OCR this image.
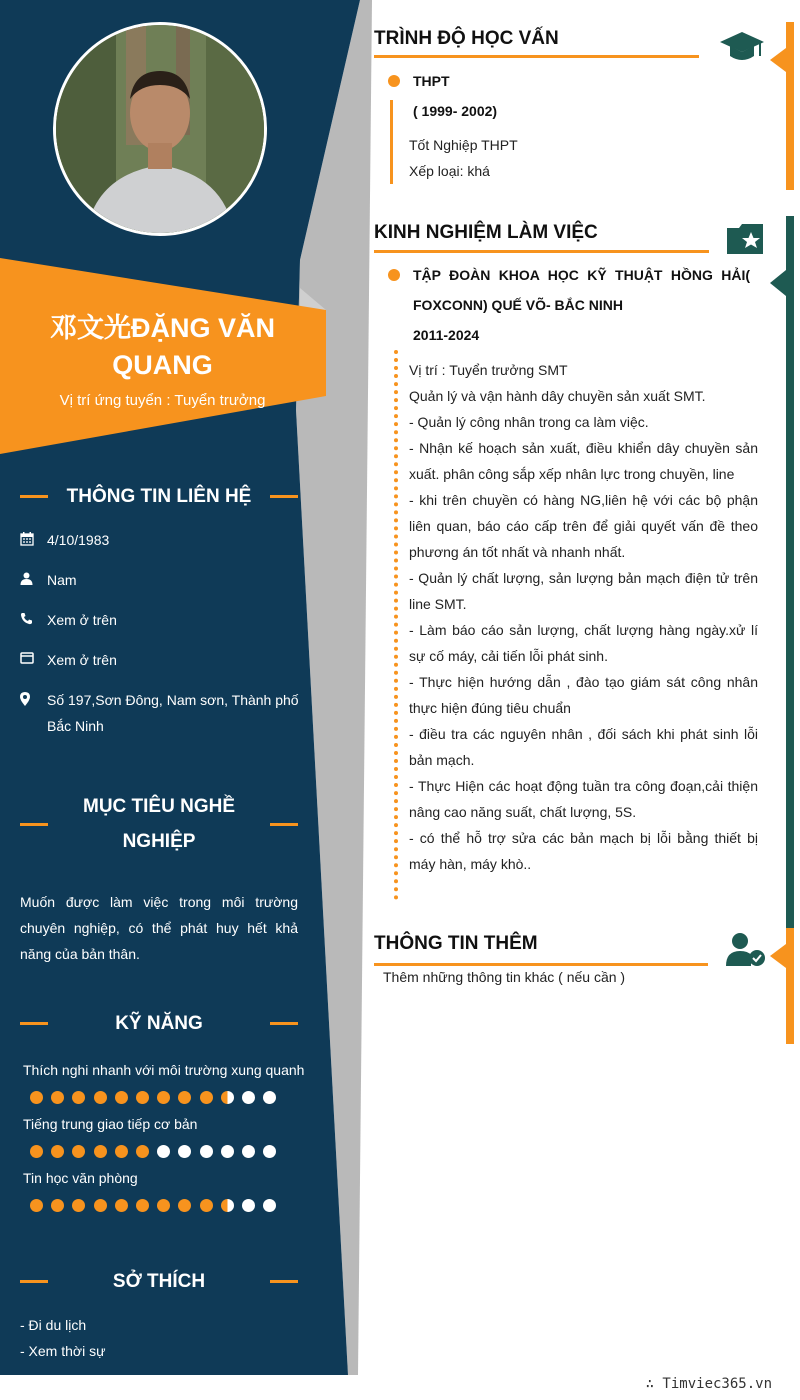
邓文光ĐẶNG VĂN QUANG
Vị trí ứng tuyển : Tuyển trưởng
THÔNG TIN LIÊN HỆ
4/10/1983
Nam
Xem ở trên
Xem ở trên
Số 197,Sơn Đông, Nam sơn, Thành phố
Bắc Ninh
MỤC TIÊU NGHỀ
NGHIỆP
Muốn được làm việc trong môi trường chuyên nghiệp, có thể phát huy hết khả năng của bản thân.
KỸ NĂNG
Thích nghi nhanh với môi trường xung quanh
Tiếng trung giao tiếp cơ bản
Tin học văn phòng
SỞ THÍCH
- Đi du lịch
- Xem thời sự
TRÌNH ĐỘ HỌC VẤN
THPT
( 1999- 2002)
Tốt Nghiệp THPT
Xếp loại: khá
KINH NGHIỆM LÀM VIỆC
TẬP ĐOÀN KHOA HỌC KỸ THUẬT HỒNG HẢI(
FOXCONN) QUẾ VÕ- BẮC NINH
2011-2024
Vị trí : Tuyển trưởng SMT
Quản lý và vận hành dây chuyền sản xuất SMT.
- Quản lý công nhân trong ca làm việc.
- Nhận kế hoạch sản xuất, điều khiển dây chuyền sản xuất. phân công sắp xếp nhân lực trong chuyền, line
- khi trên chuyền có hàng NG,liên hệ với các bộ phận liên quan, báo cáo cấp trên để giải quyết vấn đề theo phương án tốt nhất và nhanh nhất.
- Quản lý chất lượng, sản lượng bản mạch điện tử trên line SMT.
- Làm báo cáo sản lượng, chất lượng hàng ngày.xử lí sự cố máy, cải tiến lỗi phát sinh.
- Thực hiện hướng dẫn , đào tạo giám sát công nhân thực hiện đúng tiêu chuẩn
- điều tra các nguyên nhân , đối sách khi phát sinh lỗi bản mạch.
- Thực Hiện các hoạt động tuần tra công đoạn,cải thiện nâng cao năng suất, chất lượng, 5S.
- có thể hỗ trợ sửa các bản mạch bị lỗi bằng thiết bị máy hàn, máy khò..
THÔNG TIN THÊM
Thêm những thông tin khác ( nếu cần )
∴ Timviec365.vn
